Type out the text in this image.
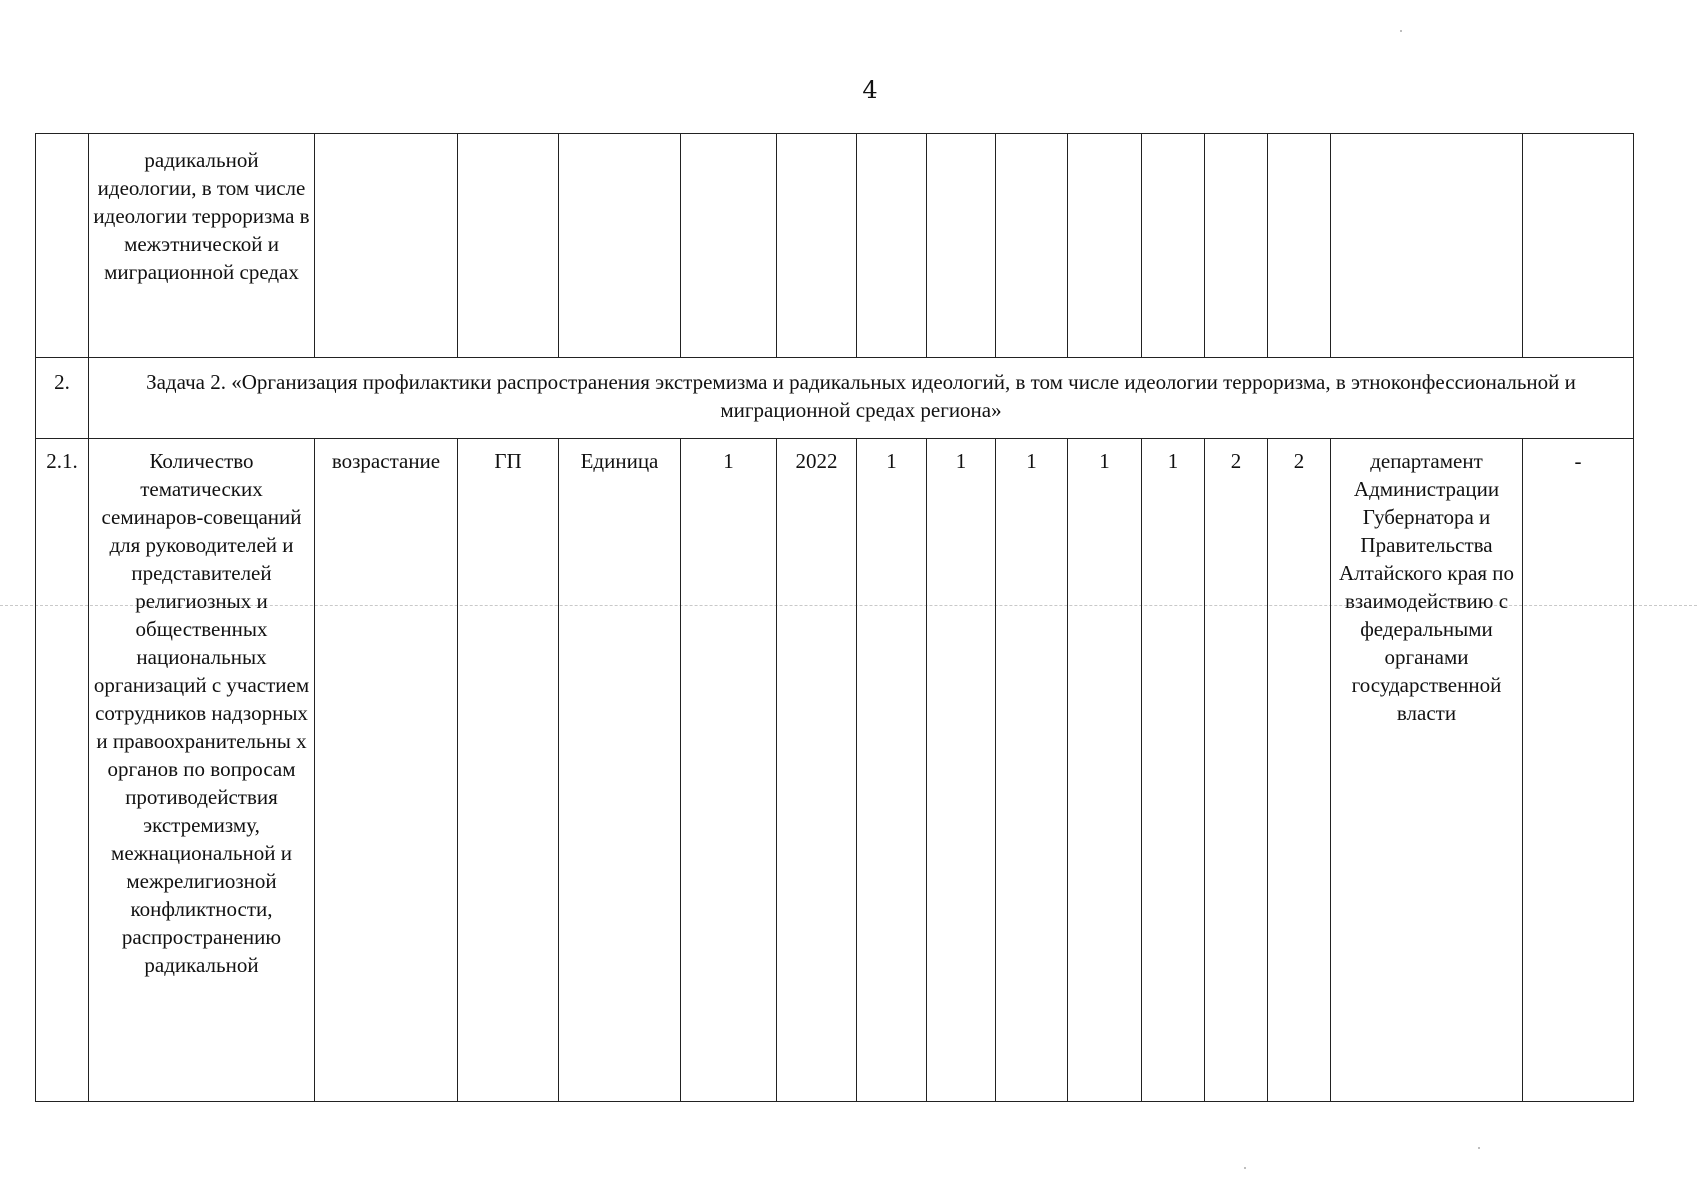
4
	радикальной идеологии, в том числе идеологии терроризма в межэтнической и миграционной средах														
2.	Задача 2. «Организация профилактики распространения экстремизма и радикальных идеологий, в том числе идеологии терроризма, в этноконфессиональной и миграционной средах региона»														
2.1.	Количество тематических семинаров-совещаний для руководителей и представителей религиозных и общественных национальных организаций с участием сотрудников надзорных и правоохранительны х органов по вопросам противодействия экстремизму, межнациональной и межрелигиозной конфликтности, распространению радикальной	возрастание	ГП	Единица	1	2022	1	1	1	1	1	2	2	департамент Администрации Губернатора и Правительства Алтайского края по взаимодействию с федеральными органами государственной власти	-
